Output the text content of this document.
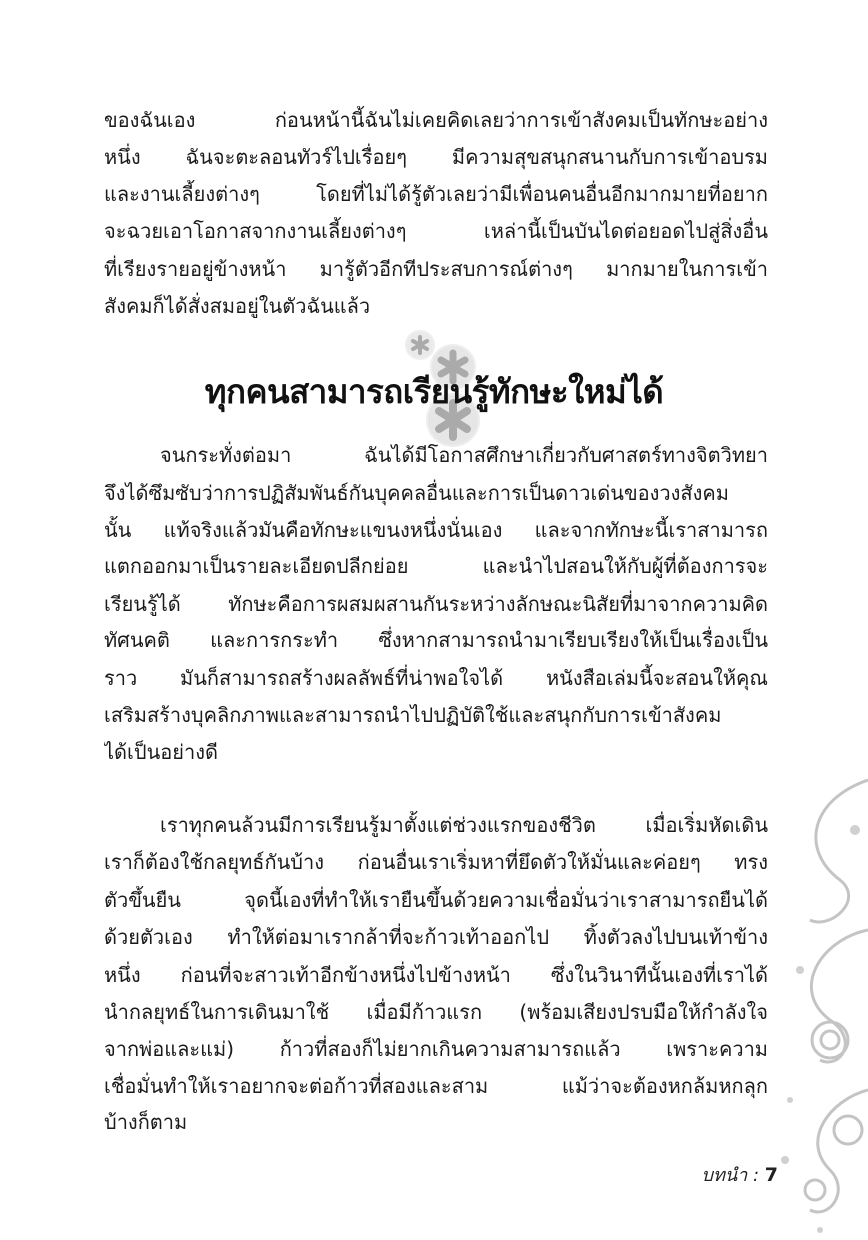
ทุกคนสามารถเรียนรู้ทักษะใหม่ได้
ของฉันเอง ก่อนหน้านี้ฉันไม่เคยคิดเลยว่าการเข้าสังคมเป็นทักษะอย่าง
หนึ่ง ฉันจะตะลอนทัวร์ไปเรื่อยๆ มีความสุขสนุกสนานกับการเข้าอบรม
และงานเลี้ยงต่างๆ โดยที่ไม่ได้รู้ตัวเลยว่ามีเพื่อนคนอื่นอีกมากมายที่อยาก
จะฉวยเอาโอกาสจากงานเลี้ยงต่างๆ เหล่านี้เป็นบันไดต่อยอดไปสู่สิ่งอื่น
ที่เรียงรายอยู่ข้างหน้า มารู้ตัวอีกทีประสบการณ์ต่างๆ มากมายในการเข้า
สังคมก็ได้สั่งสมอยู่ในตัวฉันแล้ว
จนกระทั่งต่อมา ฉันได้มีโอกาสศึกษาเกี่ยวกับศาสตร์ทางจิตวิทยา
จึงได้ซึมซับว่าการปฏิสัมพันธ์กันบุคคลอื่นและการเป็นดาวเด่นของวงสังคม
นั้น แท้จริงแล้วมันคือทักษะแขนงหนึ่งนั่นเอง และจากทักษะนี้เราสามารถ
แตกออกมาเป็นรายละเอียดปลีกย่อย และนำไปสอนให้กับผู้ที่ต้องการจะ
เรียนรู้ได้ ทักษะคือการผสมผสานกันระหว่างลักษณะนิสัยที่มาจากความคิด
ทัศนคติ และการกระทำ ซึ่งหากสามารถนำมาเรียบเรียงให้เป็นเรื่องเป็น
ราว มันก็สามารถสร้างผลลัพธ์ที่น่าพอใจได้ หนังสือเล่มนี้จะสอนให้คุณ
เสริมสร้างบุคลิกภาพและสามารถนำไปปฏิบัติใช้และสนุกกับการเข้าสังคม
ได้เป็นอย่างดี
เราทุกคนล้วนมีการเรียนรู้มาตั้งแต่ช่วงแรกของชีวิต เมื่อเริ่มหัดเดิน
เราก็ต้องใช้กลยุทธ์กันบ้าง ก่อนอื่นเราเริ่มหาที่ยึดตัวให้มั่นและค่อยๆ ทรง
ตัวขึ้นยืน จุดนี้เองที่ทำให้เรายืนขึ้นด้วยความเชื่อมั่นว่าเราสามารถยืนได้
ด้วยตัวเอง ทำให้ต่อมาเรากล้าที่จะก้าวเท้าออกไป ทิ้งตัวลงไปบนเท้าข้าง
หนึ่ง ก่อนที่จะสาวเท้าอีกข้างหนึ่งไปข้างหน้า ซึ่งในวินาทีนั้นเองที่เราได้
นำกลยุทธ์ในการเดินมาใช้ เมื่อมีก้าวแรก (พร้อมเสียงปรบมือให้กำลังใจ
จากพ่อและแม่) ก้าวที่สองก็ไม่ยากเกินความสามารถแล้ว เพราะความ
เชื่อมั่นทำให้เราอยากจะต่อก้าวที่สองและสาม แม้ว่าจะต้องหกล้มหกลุก
บ้างก็ตาม
บทนำ : 7
